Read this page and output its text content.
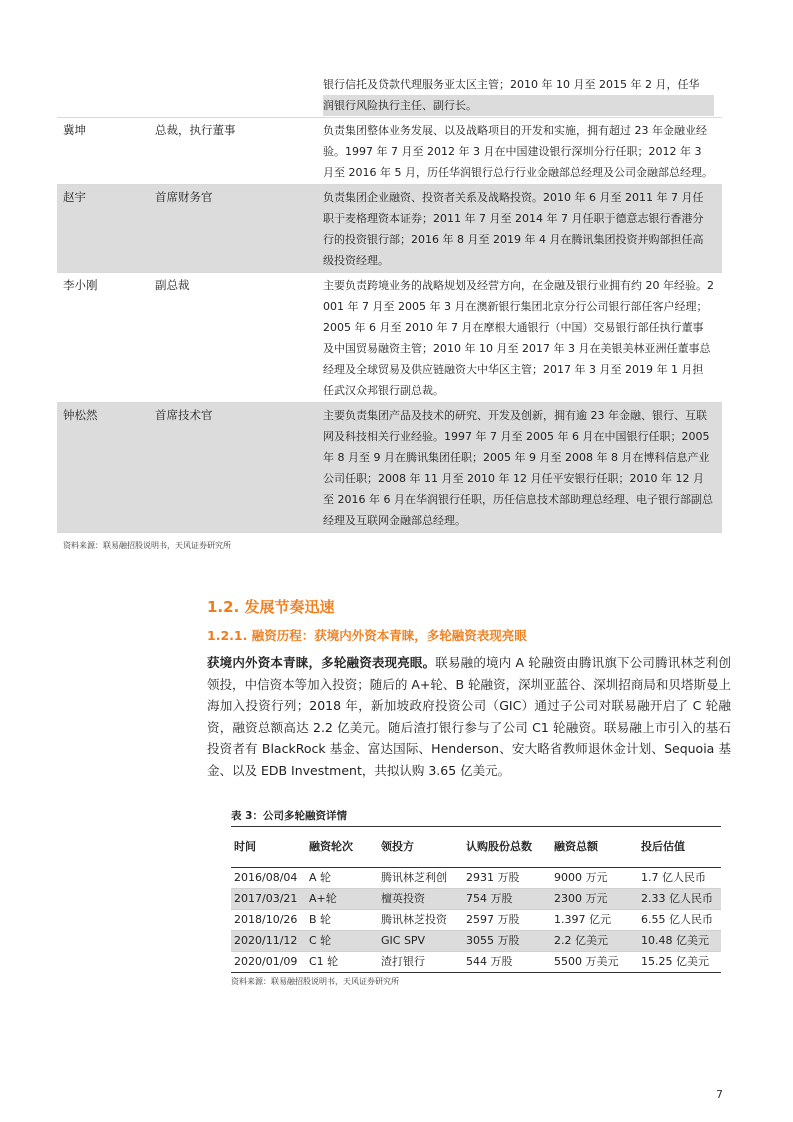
银行信托及贷款代理服务亚太区主管；2010 年 10 月至 2015 年 2 月，任华
润银行风险执行主任、副行长。
冀坤	总裁，执行董事	负责集团整体业务发展、以及战略项目的开发和实施，拥有超过 23 年金融业经验。1997 年 7 月至 2012 年 3 月在中国建设银行深圳分行任职；2012 年 3 月至 2016 年 5 月，历任华润银行总行行业金融部总经理及公司金融部总经理。
赵宇	首席财务官	负责集团企业融资、投资者关系及战略投资。2010 年 6 月至 2011 年 7 月任职于麦格理资本证券；2011 年 7 月至 2014 年 7 月任职于德意志银行香港分行的投资银行部；2016 年 8 月至 2019 年 4 月在腾讯集团投资并购部担任高级投资经理。
李小刚	副总裁	主要负责跨境业务的战略规划及经营方向，在金融及银行业拥有约 20 年经验。2001 年 7 月至 2005 年 3 月在澳新银行集团北京分行公司银行部任客户经理；2005 年 6 月至 2010 年 7 月在摩根大通银行（中国）交易银行部任执行董事及中国贸易融资主管；2010 年 10 月至 2017 年 3 月在美银美林亚洲任董事总经理及全球贸易及供应链融资大中华区主管；2017 年 3 月至 2019 年 1 月担任武汉众邦银行副总裁。
钟松然	首席技术官	主要负责集团产品及技术的研究、开发及创新，拥有逾 23 年金融、银行、互联网及科技相关行业经验。1997 年 7 月至 2005 年 6 月在中国银行任职；2005 年 8 月至 9 月在腾讯集团任职；2005 年 9 月至 2008 年 8 月在博科信息产业公司任职；2008 年 11 月至 2010 年 12 月任平安银行任职；2010 年 12 月至 2016 年 6 月在华润银行任职，历任信息技术部助理总经理、电子银行部副总经理及互联网金融部总经理。
资料来源：联易融招股说明书，天风证券研究所
1.2. 发展节奏迅速
1.2.1. 融资历程：获境内外资本青睐，多轮融资表现亮眼
获境内外资本青睐，多轮融资表现亮眼。联易融的境内 A 轮融资由腾讯旗下公司腾讯林芝利创领投，中信资本等加入投资；随后的 A+轮、B 轮融资，深圳亚蓝谷、深圳招商局和贝塔斯曼上海加入投资行列；2018 年，新加坡政府投资公司（GIC）通过子公司对联易融开启了 C 轮融资，融资总额高达 2.2 亿美元。随后渣打银行参与了公司 C1 轮融资。联易融上市引入的基石投资者有 BlackRock 基金、富达国际、Henderson、安大略省教师退休金计划、Sequoia 基金、以及 EDB Investment，共拟认购 3.65 亿美元。
表 3：公司多轮融资详情
时间	融资轮次	领投方	认购股份总数	融资总额	投后估值
2016/08/04	A 轮	腾讯林芝利创	2931 万股	9000 万元	1.7 亿人民币
2017/03/21	A+轮	檀英投资	754 万股	2300 万元	2.33 亿人民币
2018/10/26	B 轮	腾讯林芝投资	2597 万股	1.397 亿元	6.55 亿人民币
2020/11/12	C 轮	GIC SPV	3055 万股	2.2 亿美元	10.48 亿美元
2020/01/09	C1 轮	渣打银行	544 万股	5500 万美元	15.25 亿美元
资料来源：联易融招股说明书，天风证券研究所
7
